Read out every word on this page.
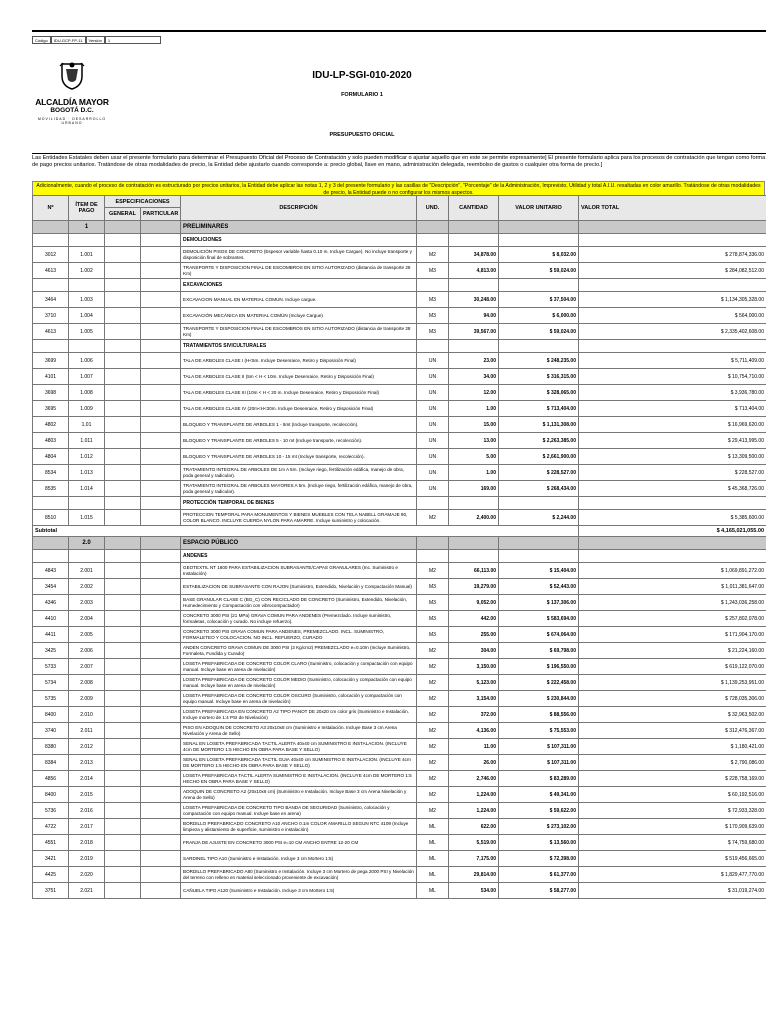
Código	IDU-GCP-FP-11	Versión	1
ALCALDÍA MAYOR
BOGOTÁ D.C.
MOVILIDAD · DESARROLLO URBANO
IDU-LP-SGI-010-2020
FORMULARIO 1
PRESUPUESTO OFICIAL
Las Entidades Estatales deben usar el presente formulario para determinar el Presupuesto Oficial del Proceso de Contratación y solo pueden modificar o ajustar aquello que en este se permite expresamente] El presente formulario aplica para los procesos de contratación que tengan como forma de pago precios unitarios. Tratándose de otras modalidades de precio, la Entidad debe ajustarlo cuando corresponde a: precio global, llave en mano, administración delegada, reembolso de gastos o cualquier otra forma de precio.]
Adicionalmente, cuando el proceso de contratación es estructurado por precios unitarios, la Entidad debe aplicar las notas 1, 2 y 3 del presente formulario y las casillas de "Descripción", "Porcentaje" de la Administración, Imprevisto, Utilidad y total A.I.U. resaltadas en color amarillo. Tratándose de otras modalidades de precio, la Entidad puede o no configurar los mismos aspectos.
Nº	ÍTEM DE PAGO	ESPECIFICACIONES		DESCRIPCIÓN	UND.	CANTIDAD	VALOR UNITARIO	VALOR TOTAL
		GENERAL	PARTICULAR					
	1			PRELIMINARES				
				DEMOLICIONES				
3012	1.001			DEMOLICIÓN PISOS DE CONCRETO (Espesor variable hasta 0.10 m. Incluye Cargue). No incluye transporte y disposición final de sobrantes.	M2	34,878.00	$ 8,032.00	$ 278,874,336.00
4613	1.002			TRANSPORTE Y DISPOSICION FINAL DE ESCOMBROS EN SITIO AUTORIZADO (distancia de transporte 28 Km)	M3	4,813.00	$ 59,024.00	$ 284,082,512.00
				EXCAVACIONES				
3464	1.003			EXCAVACION MANUAL EN MATERIAL COMUN. Incluye cargue.	M3	30,248.00	$ 37,504.00	$ 1,134,305,328.00
3710	1.004			EXCAVACIÓN MECÁNICA EN MATERIAL COMÚN (Incluye Cargue)	M3	94.00	$ 6,000.00	$ 564,000.00
4613	1.005			TRANSPORTE Y DISPOSICION FINAL DE ESCOMBROS EN SITIO AUTORIZADO (distancia de transporte 28 Km)	M3	39,567.00	$ 59,024.00	$ 2,335,402,608.00
				TRATAMIENTOS SIVICULTURALES				
3699	1.006			TALA DE ARBOLES CLASE I (H<5m. Incluye Desenraice, Retiro y Disposición Final)	UN	23.00	$ 248,235.00	$ 5,711,409.00
4101	1.007			TALA DE ARBOLES CLASE II (5m < H < 10m. Incluye Desenraice, Retiro y Disposición Final)	UN	34.00	$ 316,315.00	$ 10,754,710.00
3698	1.008			TALA DE ARBOLES CLASE III (10m < H < 20 m. Incluye Desenraice, Retiro y Disposición Final)	UN	12.00	$ 328,065.00	$ 3,936,780.00
3695	1.009			TALA DE ARBOLES CLASE IV (20m<H<30m. Incluye Desenraice, Retiro y Disposición Final)	UN	1.00	$ 713,404.00	$ 713,404.00
4802	1.01			BLOQUEO Y TRANSPLANTE DE ARBOLES 1 - 5mt (Incluye transporte, recolección).	UN	15.00	$ 1,131,308.00	$ 16,969,620.00
4803	1.011			BLOQUEO Y TRANSPLANTE DE ARBOLES 5 - 10 mt (Incluye transporte, recolección).	UN	13.00	$ 2,263,385.00	$ 29,413,995.00
4804	1.012			BLOQUEO Y TRANSPLANTE DE ARBOLES 10 - 15 mt (Incluye transporte, recolección).	UN	5.00	$ 2,661,900.00	$ 13,309,500.00
8534	1.013			TRATAMIENTO INTEGRAL DE ARBOLES DE 1m A 5m. (Incluye riego, fertilización edáfica, manejo de obra, poda general y radicular).	UN	1.00	$ 228,527.00	$ 228,527.00
8535	1.014			TRATAMIENTO INTEGRAL DE ARBOLES MAYORES A 5m. (Incluye riego, fertilización edáfica, manejo de obra, poda general y radicular).	UN	169.00	$ 268,434.00	$ 45,368,726.00
				PROTECCIÓN TEMPORAL DE BIENES				
8510	1.015			PROTECCION TEMPORAL PARA MONUMENTOS Y BIENES MUEBLES CON TELA NABELL GRAMAJE 90, COLOR BLANCO. INCLUYE CUERDA NYLON PARA AMARRE. Incluye suministro y colocación.	M2	2,400.00	$ 2,244.00	$ 5,385,600.00
Subtotal								$ 4,165,021,055.00
	2.0			ESPACIO PÚBLICO				
				ANDENES				
4843	2.001			GEOTEXTIL NT 1600 PARA ESTABILIZACION SUBRASANTE/CAPAS GRANULARES (Inc. Suministro e Instalación)	M2	66,113.00	$ 15,404.00	$ 1,069,891,272.00
3454	2.002			ESTABILIZACION DE SUBRASANTE CON RAJON (Suministro, Extendido, Nivelación y Compactación Manual)	M3	19,279.00	$ 52,443.00	$ 1,011,381,647.00
4346	2.003			BASE GRANULAR CLASE C (BG_C) CON RECICLADO DE CONCRETO (Suministro, Extendido, Nivelación, Humedecimiento y Compactación con vibrocompactador)	M3	9,052.00	$ 137,306.00	$ 1,243,036,258.00
4410	2.004			CONCRETO 3000 PSI (21 MPa) GRAVA COMUN PARA ANDENES (Premezclado. Incluye suministro, formaletas, colocación y curado. No incluye refuerzo).	M3	442.00	$ 583,694.00	$ 257,802,078.00
4411	2.005			CONCRETO 3000 PSI GRAVA COMUN PARA ANDENES, PREMEZCLADO. INCL. SUMINISTRO, FORMALETEO Y COLOCACION. NO INCL. REFUERZO, CURADO	M3	255.00	$ 674,064.00	$ 171,904,170.00
3425	2.006			ANDEN CONCRETO GRAVA COMUN DE 3000 PSI (3 Kg/cm2) PREMEZCLADO e=0.10m (Incluye Suministro, Formaleta, Fundida y Curado)	M2	304.00	$ 69,798.00	$ 21,224,160.00
5733	2.007			LOSETA PREFABRICADA DE CONCRETO COLOR CLARO (Suministro, colocación y compactación con equipo manual. Incluye base en arena de nivelación)	M2	3,150.00	$ 196,550.00	$ 619,122,070.00
5734	2.008			LOSETA PREFABRICADA DE CONCRETO COLOR MEDIO (Suministro, colocación y compactación con equipo manual. Incluye base en arena de nivelación)	M2	5,123.00	$ 222,458.00	$ 1,139,253,951.00
5735	2.009			LOSETA PREFABRICADA DE CONCRETO COLOR OSCURO (Suministro, colocación y compactación con equipo manual. Incluye base en arena de nivelación)	M2	3,154.00	$ 230,844.00	$ 728,035,306.00
8400	2.010			LOSETA PREFABRICADA EN CONCRETO A2 TIPO PANOT DE 20x20 cm color gris (Suministro e Instalación. Incluye mortero de 1:4 PSI de Nivelación)	M2	372.00	$ 88,556.00	$ 32,963,502.00
3740	2.011			PISO EN ADOQUIN DE CONCRETO A3 20x10x8 cm (Suministro e Instalación. Incluye Base 3 cm Arena Nivelación y Arena de Sello)	M2	4,136.00	$ 75,553.00	$ 312,476,367.00
8380	2.012			SENAL EN LOSETA PREFABRICADA TACTIL ALERTA 40x40 cm SUMINISTRO E INSTALACION. (INCLUYE 4cm DE MORTERO 1:5 HECHO EN OBRA PARA BASE Y SELLO)	M2	11.00	$ 107,311.00	$ 1,180,421.00
8384	2.013			SENAL EN LOSETA PREFABRICADA TACTIL GUIA 40x40 cm SUMINISTRO E INSTALACION. (INCLUYE 4cm DE MORTERO 1:5 HECHO EN OBRA PARA BASE Y SELLO)	M2	26.00	$ 107,311.00	$ 2,790,086.00
4856	2.014			LOSETA PREFABRICADA TACTIL ALERTA SUMINISTRO E INSTALACION. (INCLUYE 4cm DE MORTERO 1:5 HECHO EN OBRA PARA BASE Y SELLO)	M2	2,746.00	$ 83,289.00	$ 228,758,169.00
8400	2.015			ADOQUIN DE CONCRETO A2 (20x10x6 cm) (Suministro e Instalación. Incluye Base 3 cm Arena Nivelación y Arena de Sello)	M2	1,224.00	$ 49,341.00	$ 60,192,516.00
5736	2.016			LOSETA PREFABRICADA DE CONCRETO TIPO BANDA DE SEGURIDAD (Suministro, colocación y compactación con equipo manual. Incluye base en arena)	M2	1,224.00	$ 59,622.00	$ 72,933,328.00
4722	2.017			BORDILLO PREFABRICADO CONCRETO A10 ANCHO 0.1m COLOR AMARILLO SEGUN NTC 4109 (Incluye limpieza y alistamiento de superficie, suministro e instalación)	ML	622.00	$ 273,102.00	$ 170,909,639.00
4551	2.018			FRANJA DE AJUSTE EN CONCRETO 3000 PSI e=10 CM ANCHO ENTRE 12-20 CM	ML	5,519.00	$ 13,560.00	$ 74,759,680.00
3421	2.019			SARDINEL TIPO A10 (Suministro e Instalación. Incluye 3 cm Mortero 1:5)	ML	7,175.00	$ 72,398.00	$ 519,456,665.00
4425	2.020			BORDILLO PREFABRICADO A80 (Suministro e Instalación. Incluye 3 cm Mortero de pega 2000 PSI y Nivelación del terreno con relleno en material seleccionado proveniente de excavación)	ML	29,814.00	$ 61,377.00	$ 1,829,477,770.00
3751	2.021			CAÑUELA TIPO A120 (Suministro e Instalación. Incluye 3 cm Mortero 1:5)	ML	534.00	$ 58,277.00	$ 31,019,274.00
